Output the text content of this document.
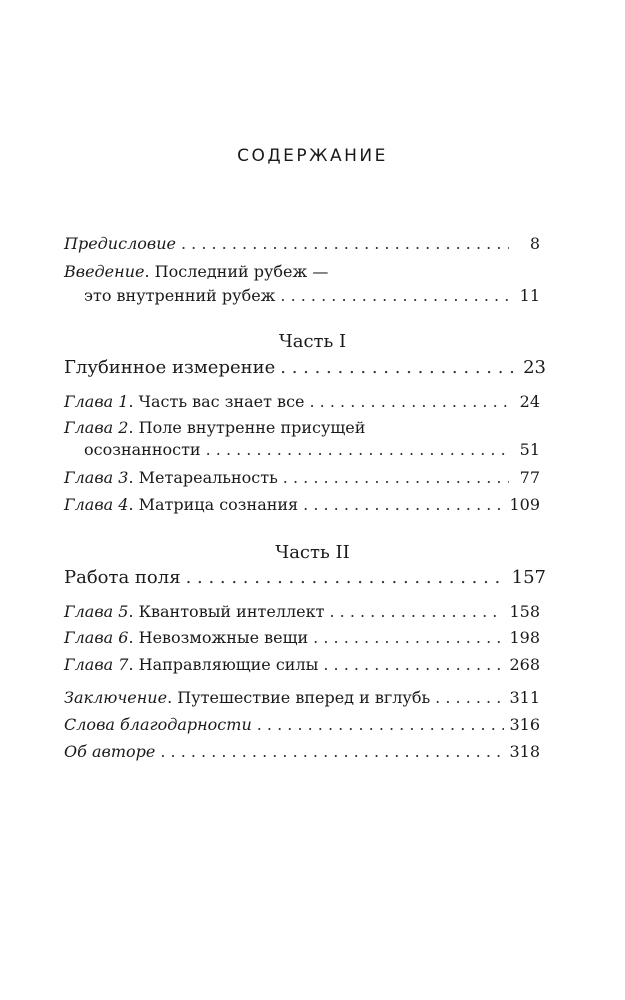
СОДЕРЖАНИЕ
Предисловие . . .	8
Введение. Последний рубеж —
это внутренний рубеж . . .	11
Часть I
Глубинное измерение . . .	23
Глава 1. Часть вас знает все . . .	24
Глава 2. Поле внутренне присущей
осознанности . . .	51
Глава 3. Метареальность . . .	77
Глава 4. Матрица сознания . . .	109
Часть II
Работа поля . . .	157
Глава 5. Квантовый интеллект . . .	158
Глава 6. Невозможные вещи . . .	198
Глава 7. Направляющие силы . . .	268
Заключение. Путешествие вперед и вглубь . . .	311
Слова благодарности . . .	316
Об авторе . . .	318
